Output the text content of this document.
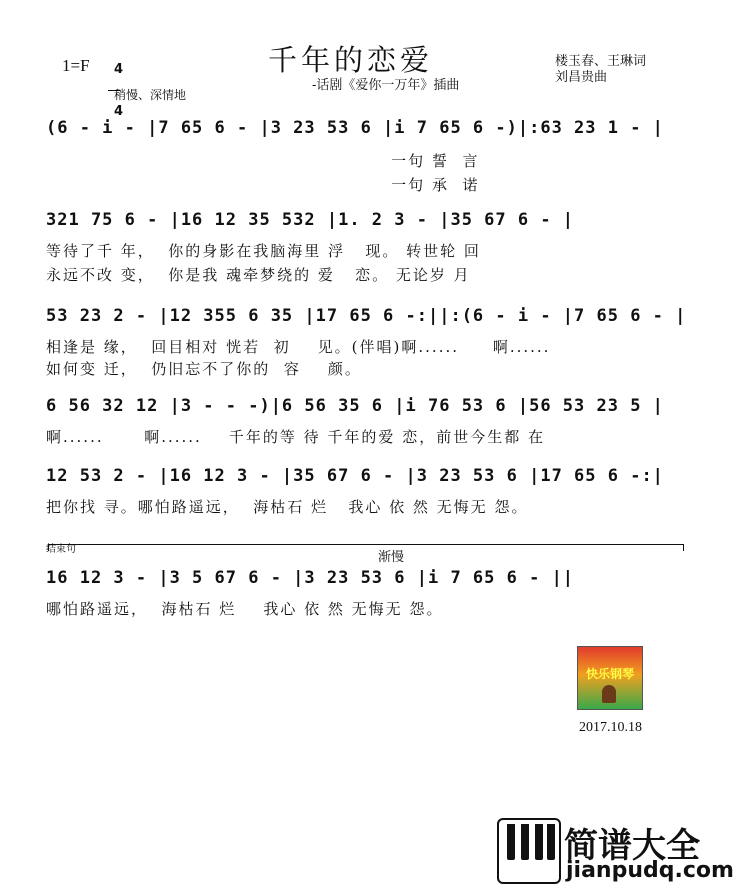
1=F	4

4

千年的恋爱
-话剧《爱你一万年》插曲
楼玉春、王琳词
刘昌贵曲
稍慢、深情地
(6 - i - |7 65 6 - |3 23 53 6 |i 7 65 6 -)|:63 23 1 - |
一句 誓  言
一句 承  诺
321 75 6 - |16 12 35 532 |1. 2 3 - |35 67 6 - |
等待了千 年，  你的身影在我脑海里 浮   现。 转世轮 回
永远不改 变，  你是我 魂牵梦绕的 爱   恋。 无论岁 月
53 23 2 - |12 355 6 35 |17 65 6 -:||:(6 - i - |7 65 6 - |
相逢是 缘，  回目相对 恍若  初    见。(伴唱)啊......     啊......
如何变 迁，  仍旧忘不了你的  容    颜。
6 56 32 12 |3 - - -)|6 56 35 6 |i 76 53 6 |56 53 23 5 |
啊......      啊......    千年的等 待 千年的爱 恋，前世今生都 在
12 53 2 - |16 12 3 - |35 67 6 - |3 23 53 6 |17 65 6 -:|
把你找 寻。哪怕路遥远，  海枯石 烂   我心 依 然 无悔无 怨。
结束句
渐慢
16 12 3 - |3 5 67 6 - |3 23 53 6 |i 7 65 6 - ||
哪怕路遥远，  海枯石 烂    我心 依 然 无悔无 怨。
快乐钢琴
2017.10.18
简谱大全
jianpudq.com
